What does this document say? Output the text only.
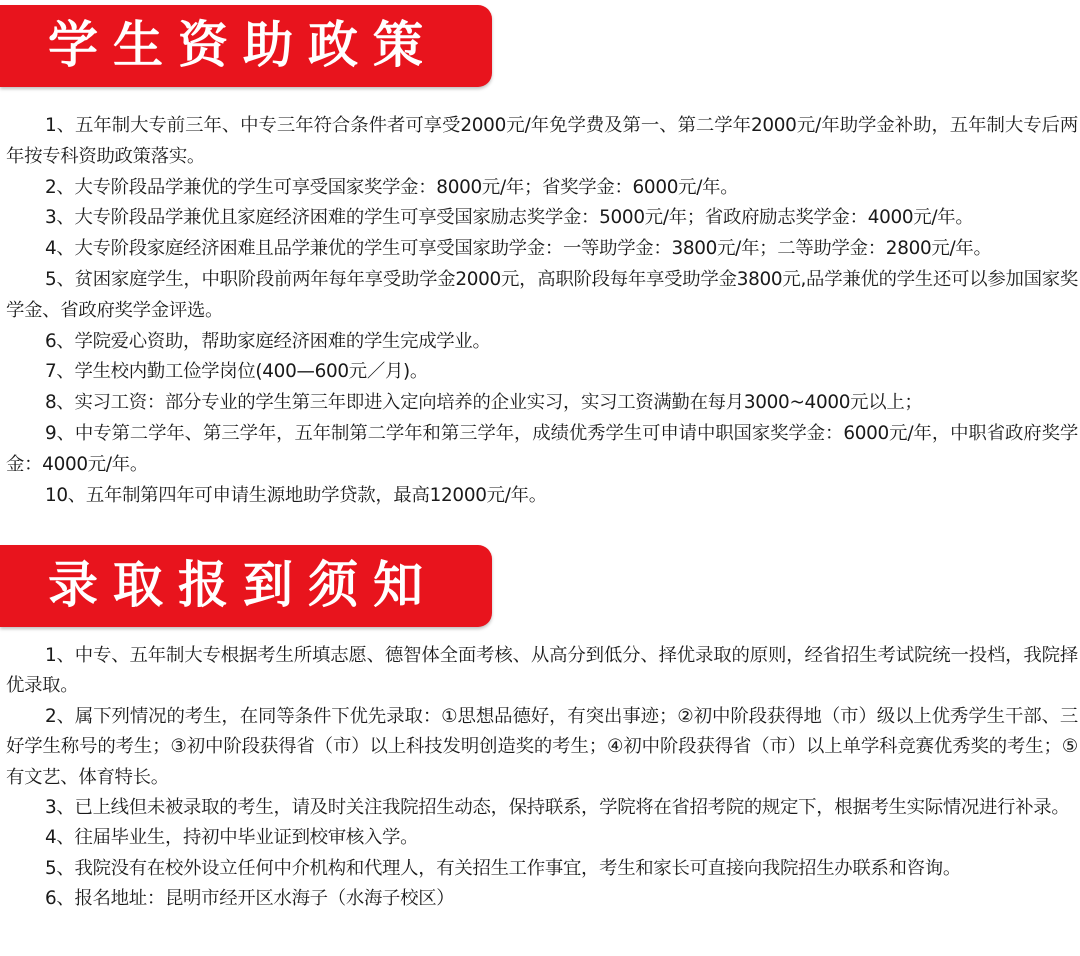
学生资助政策

1、五年制大专前三年、中专三年符合条件者可享受2000元/年免学费及第一、第二学年2000元/年助学金补助，五年制大专后两年按专科资助政策落实。

2、大专阶段品学兼优的学生可享受国家奖学金：8000元/年；省奖学金：6000元/年。

3、大专阶段品学兼优且家庭经济困难的学生可享受国家励志奖学金：5000元/年；省政府励志奖学金：4000元/年。

4、大专阶段家庭经济困难且品学兼优的学生可享受国家助学金：一等助学金：3800元/年；二等助学金：2800元/年。

5、贫困家庭学生，中职阶段前两年每年享受助学金2000元，高职阶段每年享受助学金3800元,品学兼优的学生还可以参加国家奖学金、省政府奖学金评选。

6、学院爱心资助，帮助家庭经济困难的学生完成学业。

7、学生校内勤工俭学岗位(400—600元／月)。

8、实习工资：部分专业的学生第三年即进入定向培养的企业实习，实习工资满勤在每月3000~4000元以上；

9、中专第二学年、第三学年，五年制第二学年和第三学年，成绩优秀学生可申请中职国家奖学金：6000元/年，中职省政府奖学金：4000元/年。

10、五年制第四年可申请生源地助学贷款，最高12000元/年。

录取报到须知

1、中专、五年制大专根据考生所填志愿、德智体全面考核、从高分到低分、择优录取的原则，经省招生考试院统一投档，我院择优录取。

2、属下列情况的考生，在同等条件下优先录取：①思想品德好，有突出事迹；②初中阶段获得地（市）级以上优秀学生干部、三好学生称号的考生；③初中阶段获得省（市）以上科技发明创造奖的考生；④初中阶段获得省（市）以上单学科竞赛优秀奖的考生；⑤有文艺、体育特长。

3、已上线但未被录取的考生，请及时关注我院招生动态，保持联系，学院将在省招考院的规定下，根据考生实际情况进行补录。

4、往届毕业生，持初中毕业证到校审核入学。

5、我院没有在校外设立任何中介机构和代理人，有关招生工作事宜，考生和家长可直接向我院招生办联系和咨询。

6、报名地址：昆明市经开区水海子（水海子校区）
